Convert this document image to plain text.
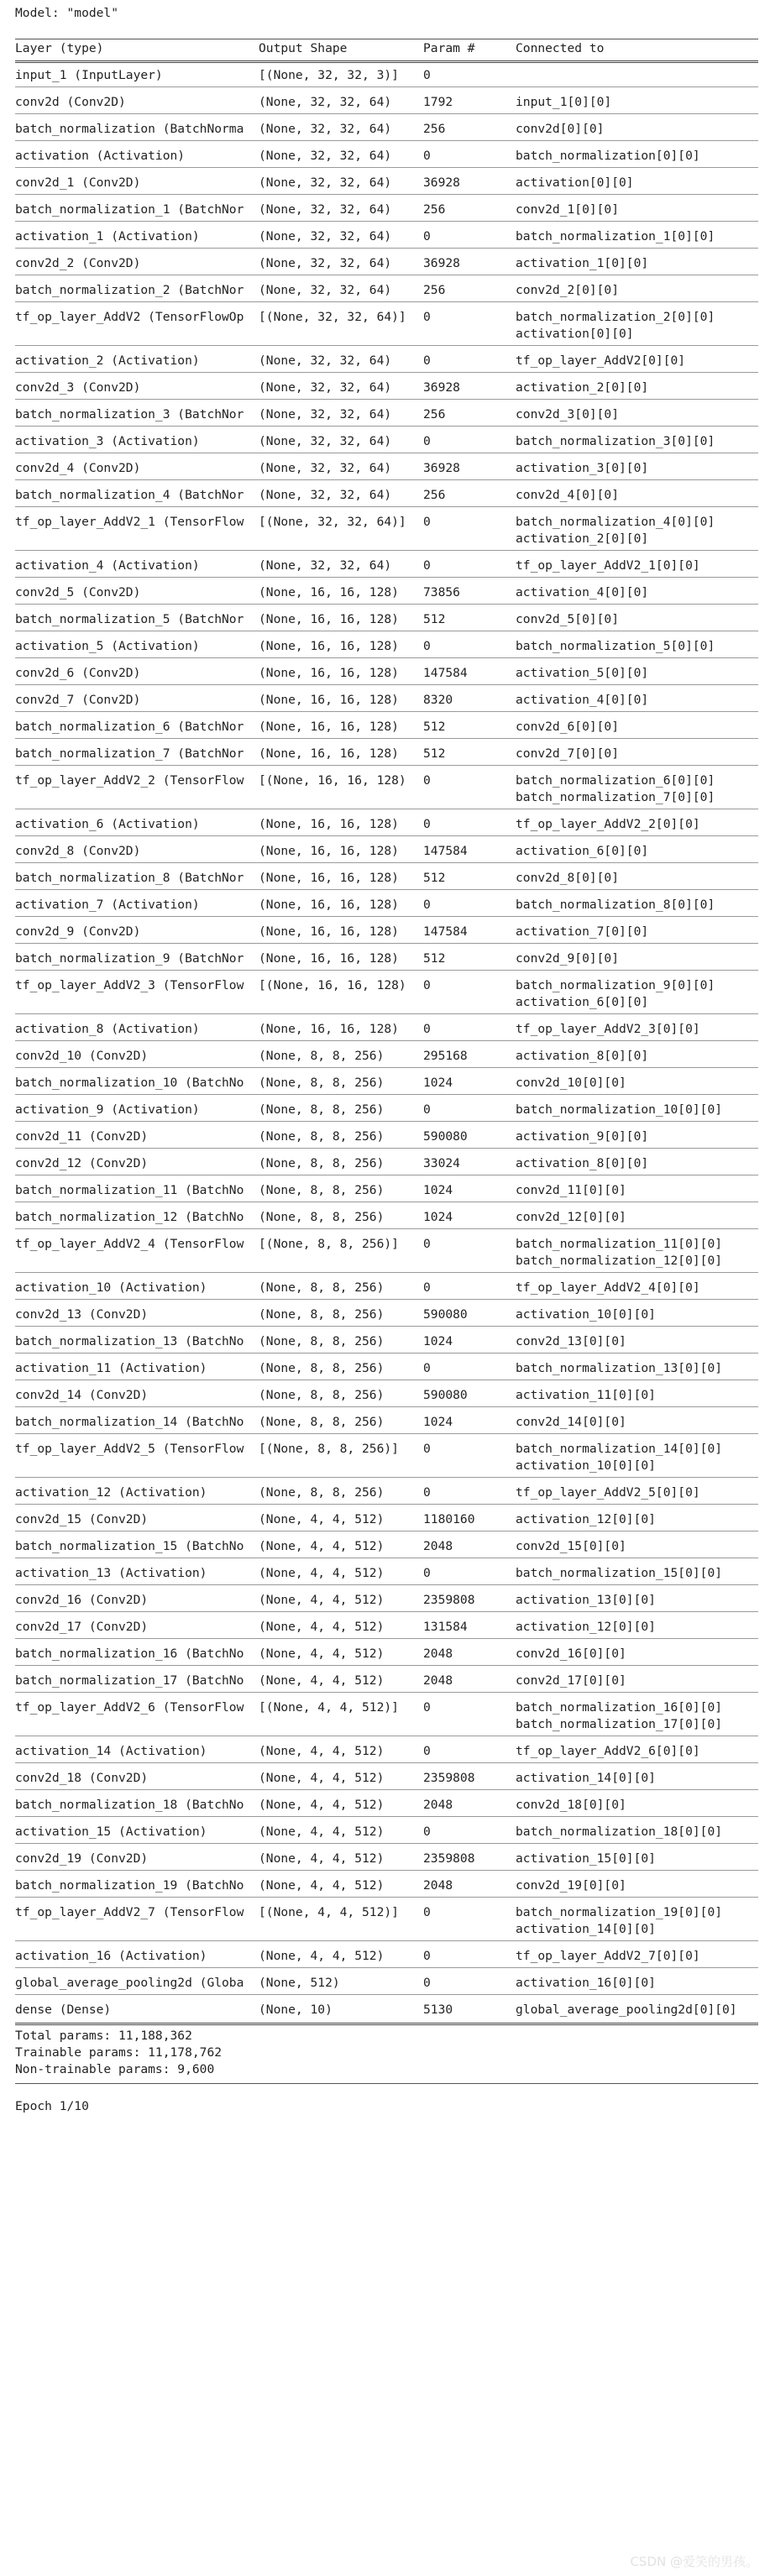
Model: "model"
Layer (type)	Output Shape	Param #	Connected to
input_1 (InputLayer)	[(None, 32, 32, 3)]	0
conv2d (Conv2D)	(None, 32, 32, 64)	1792	input_1[0][0]
batch_normalization (BatchNorma	(None, 32, 32, 64)	256	conv2d[0][0]
activation (Activation)	(None, 32, 32, 64)	0	batch_normalization[0][0]
conv2d_1 (Conv2D)	(None, 32, 32, 64)	36928	activation[0][0]
batch_normalization_1 (BatchNor	(None, 32, 32, 64)	256	conv2d_1[0][0]
activation_1 (Activation)	(None, 32, 32, 64)	0	batch_normalization_1[0][0]
conv2d_2 (Conv2D)	(None, 32, 32, 64)	36928	activation_1[0][0]
batch_normalization_2 (BatchNor	(None, 32, 32, 64)	256	conv2d_2[0][0]
tf_op_layer_AddV2 (TensorFlowOp	[(None, 32, 32, 64)]	0	batch_normalization_2[0][0]
activation[0][0]
activation_2 (Activation)	(None, 32, 32, 64)	0	tf_op_layer_AddV2[0][0]
conv2d_3 (Conv2D)	(None, 32, 32, 64)	36928	activation_2[0][0]
batch_normalization_3 (BatchNor	(None, 32, 32, 64)	256	conv2d_3[0][0]
activation_3 (Activation)	(None, 32, 32, 64)	0	batch_normalization_3[0][0]
conv2d_4 (Conv2D)	(None, 32, 32, 64)	36928	activation_3[0][0]
batch_normalization_4 (BatchNor	(None, 32, 32, 64)	256	conv2d_4[0][0]
tf_op_layer_AddV2_1 (TensorFlow	[(None, 32, 32, 64)]	0	batch_normalization_4[0][0]
activation_2[0][0]
activation_4 (Activation)	(None, 32, 32, 64)	0	tf_op_layer_AddV2_1[0][0]
conv2d_5 (Conv2D)	(None, 16, 16, 128)	73856	activation_4[0][0]
batch_normalization_5 (BatchNor	(None, 16, 16, 128)	512	conv2d_5[0][0]
activation_5 (Activation)	(None, 16, 16, 128)	0	batch_normalization_5[0][0]
conv2d_6 (Conv2D)	(None, 16, 16, 128)	147584	activation_5[0][0]
conv2d_7 (Conv2D)	(None, 16, 16, 128)	8320	activation_4[0][0]
batch_normalization_6 (BatchNor	(None, 16, 16, 128)	512	conv2d_6[0][0]
batch_normalization_7 (BatchNor	(None, 16, 16, 128)	512	conv2d_7[0][0]
tf_op_layer_AddV2_2 (TensorFlow	[(None, 16, 16, 128)	0	batch_normalization_6[0][0]
batch_normalization_7[0][0]
activation_6 (Activation)	(None, 16, 16, 128)	0	tf_op_layer_AddV2_2[0][0]
conv2d_8 (Conv2D)	(None, 16, 16, 128)	147584	activation_6[0][0]
batch_normalization_8 (BatchNor	(None, 16, 16, 128)	512	conv2d_8[0][0]
activation_7 (Activation)	(None, 16, 16, 128)	0	batch_normalization_8[0][0]
conv2d_9 (Conv2D)	(None, 16, 16, 128)	147584	activation_7[0][0]
batch_normalization_9 (BatchNor	(None, 16, 16, 128)	512	conv2d_9[0][0]
tf_op_layer_AddV2_3 (TensorFlow	[(None, 16, 16, 128)	0	batch_normalization_9[0][0]
activation_6[0][0]
activation_8 (Activation)	(None, 16, 16, 128)	0	tf_op_layer_AddV2_3[0][0]
conv2d_10 (Conv2D)	(None, 8, 8, 256)	295168	activation_8[0][0]
batch_normalization_10 (BatchNo	(None, 8, 8, 256)	1024	conv2d_10[0][0]
activation_9 (Activation)	(None, 8, 8, 256)	0	batch_normalization_10[0][0]
conv2d_11 (Conv2D)	(None, 8, 8, 256)	590080	activation_9[0][0]
conv2d_12 (Conv2D)	(None, 8, 8, 256)	33024	activation_8[0][0]
batch_normalization_11 (BatchNo	(None, 8, 8, 256)	1024	conv2d_11[0][0]
batch_normalization_12 (BatchNo	(None, 8, 8, 256)	1024	conv2d_12[0][0]
tf_op_layer_AddV2_4 (TensorFlow	[(None, 8, 8, 256)]	0	batch_normalization_11[0][0]
batch_normalization_12[0][0]
activation_10 (Activation)	(None, 8, 8, 256)	0	tf_op_layer_AddV2_4[0][0]
conv2d_13 (Conv2D)	(None, 8, 8, 256)	590080	activation_10[0][0]
batch_normalization_13 (BatchNo	(None, 8, 8, 256)	1024	conv2d_13[0][0]
activation_11 (Activation)	(None, 8, 8, 256)	0	batch_normalization_13[0][0]
conv2d_14 (Conv2D)	(None, 8, 8, 256)	590080	activation_11[0][0]
batch_normalization_14 (BatchNo	(None, 8, 8, 256)	1024	conv2d_14[0][0]
tf_op_layer_AddV2_5 (TensorFlow	[(None, 8, 8, 256)]	0	batch_normalization_14[0][0]
activation_10[0][0]
activation_12 (Activation)	(None, 8, 8, 256)	0	tf_op_layer_AddV2_5[0][0]
conv2d_15 (Conv2D)	(None, 4, 4, 512)	1180160	activation_12[0][0]
batch_normalization_15 (BatchNo	(None, 4, 4, 512)	2048	conv2d_15[0][0]
activation_13 (Activation)	(None, 4, 4, 512)	0	batch_normalization_15[0][0]
conv2d_16 (Conv2D)	(None, 4, 4, 512)	2359808	activation_13[0][0]
conv2d_17 (Conv2D)	(None, 4, 4, 512)	131584	activation_12[0][0]
batch_normalization_16 (BatchNo	(None, 4, 4, 512)	2048	conv2d_16[0][0]
batch_normalization_17 (BatchNo	(None, 4, 4, 512)	2048	conv2d_17[0][0]
tf_op_layer_AddV2_6 (TensorFlow	[(None, 4, 4, 512)]	0	batch_normalization_16[0][0]
batch_normalization_17[0][0]
activation_14 (Activation)	(None, 4, 4, 512)	0	tf_op_layer_AddV2_6[0][0]
conv2d_18 (Conv2D)	(None, 4, 4, 512)	2359808	activation_14[0][0]
batch_normalization_18 (BatchNo	(None, 4, 4, 512)	2048	conv2d_18[0][0]
activation_15 (Activation)	(None, 4, 4, 512)	0	batch_normalization_18[0][0]
conv2d_19 (Conv2D)	(None, 4, 4, 512)	2359808	activation_15[0][0]
batch_normalization_19 (BatchNo	(None, 4, 4, 512)	2048	conv2d_19[0][0]
tf_op_layer_AddV2_7 (TensorFlow	[(None, 4, 4, 512)]	0	batch_normalization_19[0][0]
activation_14[0][0]
activation_16 (Activation)	(None, 4, 4, 512)	0	tf_op_layer_AddV2_7[0][0]
global_average_pooling2d (Globa	(None, 512)	0	activation_16[0][0]
dense (Dense)	(None, 10)	5130	global_average_pooling2d[0][0]
Total params: 11,188,362
Trainable params: 11,178,762
Non-trainable params: 9,600
Epoch 1/10
CSDN @爱笑的男孩。
